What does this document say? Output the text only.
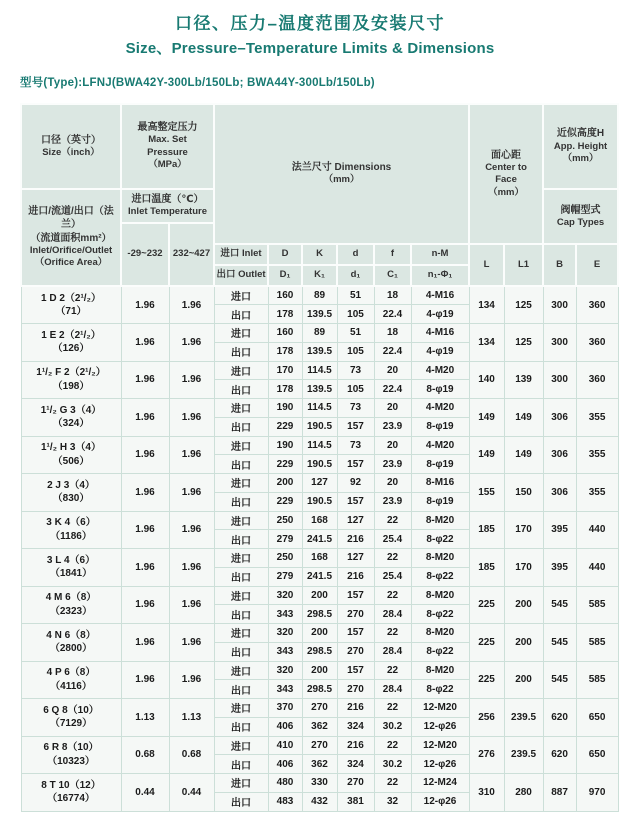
口径、压力–温度范围及安装尺寸
Size、Pressure–Temperature Limits & Dimensions
型号(Type):LFNJ(BWA42Y-300Lb/150Lb; BWA44Y-300Lb/150Lb)
口径（英寸）
Size（inch）

最高整定压力
Max. Set
Pressure
（MPa）	法兰尺寸 Dimensions
（mm）

面心距
Center to
Face
（mm）

近似高度H
App. Height
（mm）

进口/流道/出口（法兰）
（流道面积mm²）
Inlet/Orifice/Outlet
（Orifice Area）

进口温度（℃）
Inlet Temperature	阀帽型式
Cap Types

	-29~232	232~427										
			进口 Inlet	D	K	d	f	n-M	L	L1	B	E
			出口 Outlet	D₁	K₁	d₁	C₁	n₁-Φ₁				

1 D 2（2¹/₂）
（71）	1.96	1.96	进口	160	89	51	18	4-M16	134	125	300	360
			出口	178	139.5	105	22.4	4-φ19				

1 E 2（2¹/₂）
（126）	1.96	1.96	进口	160	89	51	18	4-M16	134	125	300	360
			出口	178	139.5	105	22.4	4-φ19				

1¹/₂ F 2（2¹/₂）
（198）	1.96	1.96	进口	170	114.5	73	20	4-M20	140	139	300	360
			出口	178	139.5	105	22.4	8-φ19				

1¹/₂ G 3（4）
（324）	1.96	1.96	进口	190	114.5	73	20	4-M20	149	149	306	355
			出口	229	190.5	157	23.9	8-φ19				

1¹/₂ H 3（4）
（506）	1.96	1.96	进口	190	114.5	73	20	4-M20	149	149	306	355
			出口	229	190.5	157	23.9	8-φ19				

2 J 3（4）
（830）	1.96	1.96	进口	200	127	92	20	8-M16	155	150	306	355
			出口	229	190.5	157	23.9	8-φ19				

3 K 4（6）
（1186）	1.96	1.96	进口	250	168	127	22	8-M20	185	170	395	440
			出口	279	241.5	216	25.4	8-φ22				

3 L 4（6）
（1841）	1.96	1.96	进口	250	168	127	22	8-M20	185	170	395	440
			出口	279	241.5	216	25.4	8-φ22				

4 M 6（8）
（2323）	1.96	1.96	进口	320	200	157	22	8-M20	225	200	545	585
			出口	343	298.5	270	28.4	8-φ22				

4 N 6（8）
（2800）	1.96	1.96	进口	320	200	157	22	8-M20	225	200	545	585
			出口	343	298.5	270	28.4	8-φ22				

4 P 6（8）
（4116）	1.96	1.96	进口	320	200	157	22	8-M20	225	200	545	585
			出口	343	298.5	270	28.4	8-φ22				

6 Q 8（10）
（7129）	1.13	1.13	进口	370	270	216	22	12-M20	256	239.5	620	650
			出口	406	362	324	30.2	12-φ26				

6 R 8（10）
（10323）	0.68	0.68	进口	410	270	216	22	12-M20	276	239.5	620	650
			出口	406	362	324	30.2	12-φ26				

8 T 10（12）
（16774）	0.44	0.44	进口	480	330	270	22	12-M24	310	280	887	970
			出口	483	432	381	32	12-φ26				
